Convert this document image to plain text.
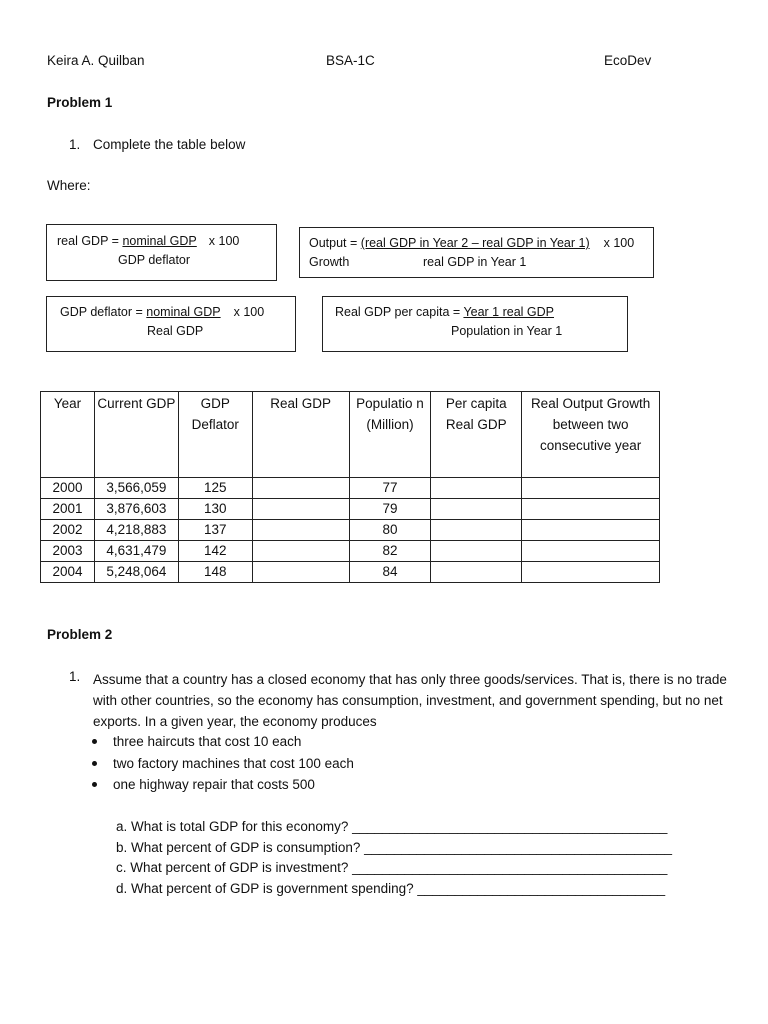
Keira A. Quilban	BSA-1C	EcoDev
Problem 1
1. Complete the table below
Where:
real GDP = nominal GDP x 100
GDP deflator
Output = (real GDP in Year 2 – real GDP in Year 1) x 100
Growth	real GDP in Year 1
GDP deflator = nominal GDP x 100
Real GDP
Real GDP per capita = Year 1 real GDP
Population in Year 1
Year	Current GDP	GDP Deflator	Real GDP	Populatio n (Million)	Per capita Real GDP	Real Output Growth between two consecutive year
2000	3,566,059	125		77		
2001	3,876,603	130		79		
2002	4,218,883	137		80		
2003	4,631,479	142		82		
2004	5,248,064	148		84		
Problem 2
1. Assume that a country has a closed economy that has only three goods/services. That is, there is no trade with other countries, so the economy has consumption, investment, and government spending, but no net exports. In a given year, the economy produces
three haircuts that cost 10 each
two factory machines that cost 100 each
one highway repair that costs 500
a. What is total GDP for this economy? __________________________________________
b. What percent of GDP is consumption? _________________________________________
c. What percent of GDP is investment? __________________________________________
d. What percent of GDP is government spending? _________________________________
